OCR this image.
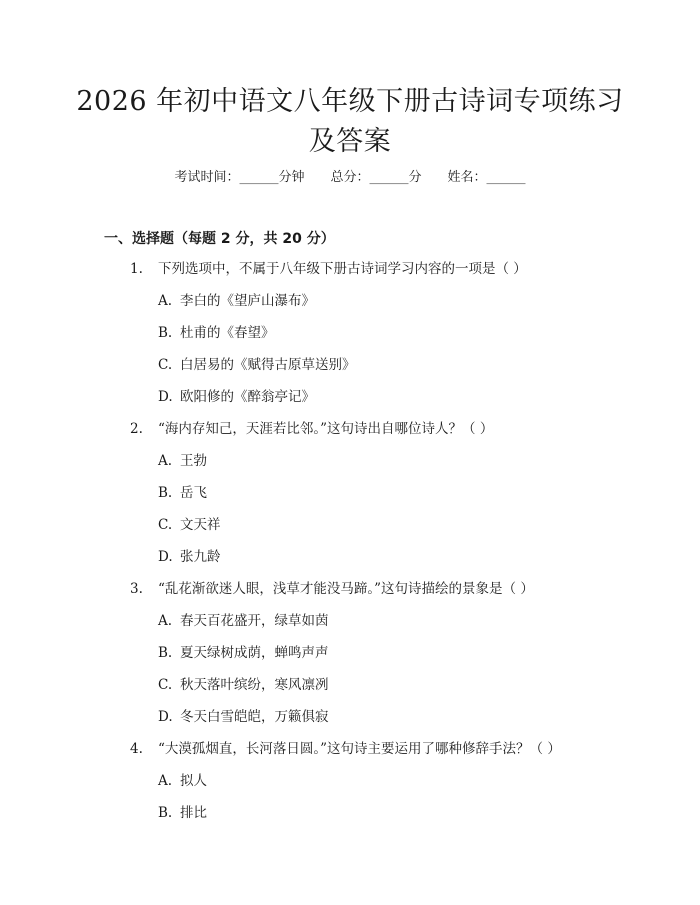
2026 年初中语文八年级下册古诗词专项练习
及答案
考试时间：______分钟 总分：______分 姓名：______
一、选择题（每题 2 分，共 20 分）
1. 下列选项中，不属于八年级下册古诗词学习内容的一项是（ ）
A. 李白的《望庐山瀑布》
B. 杜甫的《春望》
C. 白居易的《赋得古原草送别》
D. 欧阳修的《醉翁亭记》
2. “海内存知己，天涯若比邻。”这句诗出自哪位诗人？（ ）
A. 王勃
B. 岳飞
C. 文天祥
D. 张九龄
3. “乱花渐欲迷人眼，浅草才能没马蹄。”这句诗描绘的景象是（ ）
A. 春天百花盛开，绿草如茵
B. 夏天绿树成荫，蝉鸣声声
C. 秋天落叶缤纷，寒风凛冽
D. 冬天白雪皑皑，万籁俱寂
4. “大漠孤烟直，长河落日圆。”这句诗主要运用了哪种修辞手法？（ ）
A. 拟人
B. 排比
